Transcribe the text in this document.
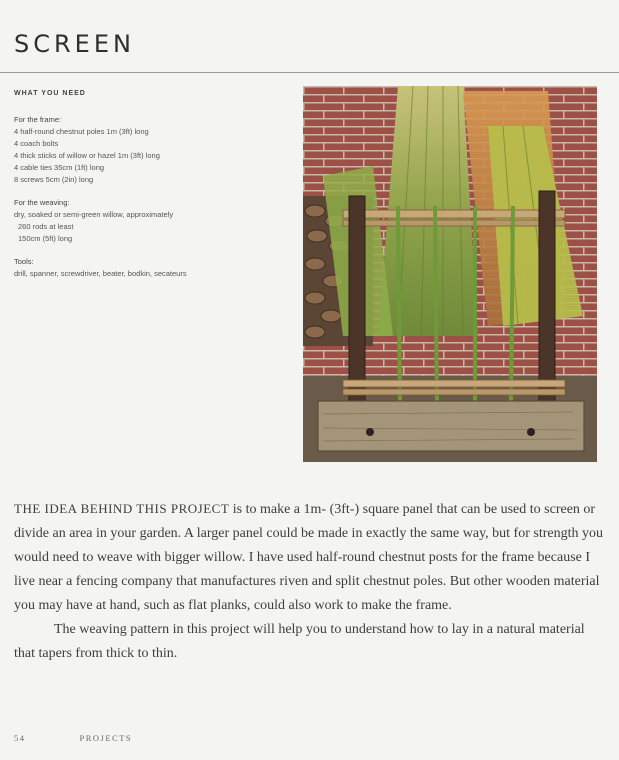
SCREEN
WHAT YOU NEED
For the frame:
4 half-round chestnut poles 1m (3ft) long
4 coach bolts
4 thick sticks of willow or hazel 1m (3ft) long
4 cable ties 35cm (1ft) long
8 screws 5cm (2in) long
For the weaving:
dry, soaked or semi-green willow, approximately
260 rods at least
150cm (5ft) long
Tools:
drill, spanner, screwdriver, beater, bodkin, secateurs

THE IDEA BEHIND THIS PROJECT is to make a 1m- (3ft-) square panel that can be used to screen or divide an area in your garden. A larger panel could be made in exactly the same way, but for strength you would need to weave with bigger willow. I have used half-round chestnut posts for the frame because I live near a fencing company that manufactures riven and split chestnut poles. But other wooden material you may have at hand, such as flat planks, could also work to make the frame.

The weaving pattern in this project will help you to understand how to lay in a natural material that tapers from thick to thin.

54	PROJECTS
